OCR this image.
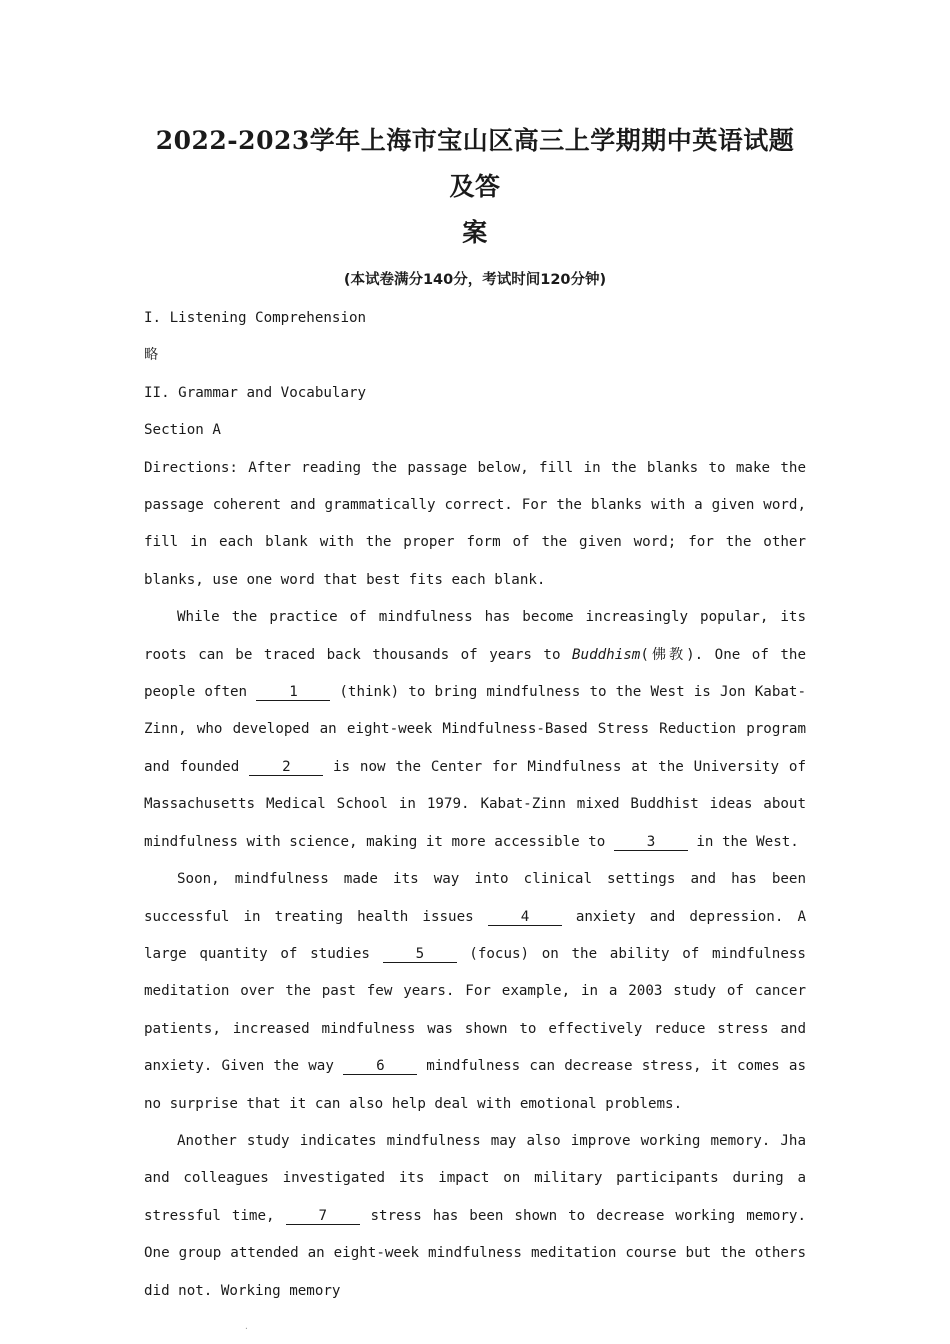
2022-2023学年上海市宝山区高三上学期期中英语试题及答
案

(本试卷满分140分，考试时间120分钟)

I. Listening Comprehension

略

II. Grammar and Vocabulary

Section A

Directions: After reading the passage below, fill in the blanks to make the passage coherent and grammatically correct. For the blanks with a given word, fill in each blank with the proper form of the given word; for the other blanks, use one word that best fits each blank.

While the practice of mindfulness has become increasingly popular, its roots can be traced back thousands of years to Buddhism(佛教). One of the people often 1 (think) to bring mindfulness to the West is Jon Kabat-Zinn, who developed an eight-week Mindfulness-Based Stress Reduction program and founded 2 is now the Center for Mindfulness at the University of Massachusetts Medical School in 1979. Kabat-Zinn mixed Buddhist ideas about mindfulness with science, making it more accessible to 3 in the West.

Soon, mindfulness made its way into clinical settings and has been successful in treating health issues 4 anxiety and depression. A large quantity of studies 5 (focus) on the ability of mindfulness meditation over the past few years. For example, in a 2003 study of cancer patients, increased mindfulness was shown to effectively reduce stress and anxiety. Given the way 6 mindfulness can decrease stress, it comes as no surprise that it can also help deal with emotional problems.

Another study indicates mindfulness may also improve working memory. Jha and colleagues investigated its impact on military participants during a stressful time, 7 stress has been shown to decrease working memory. One group attended an eight-week mindfulness meditation course but the others did not. Working memory

.
